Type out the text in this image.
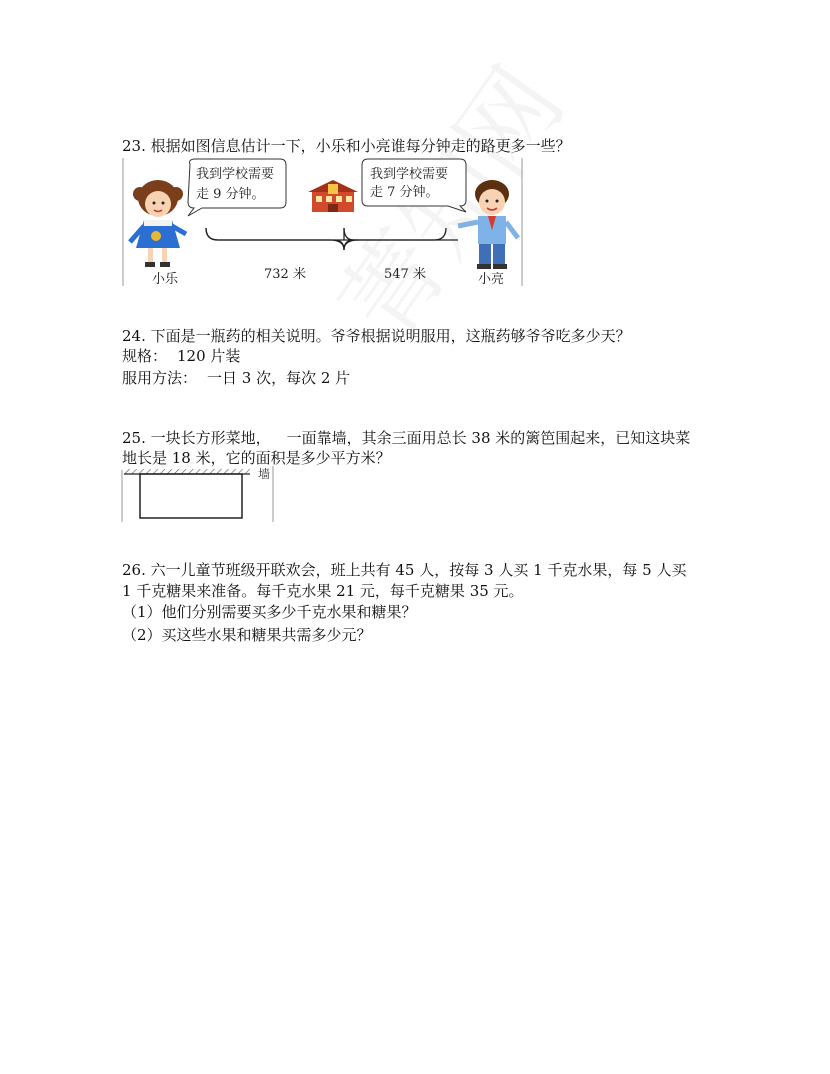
23. 根据如图信息估计一下，小乐和小亮谁每分钟走的路更多一些？
小乐
我到学校需要
走 9 分钟。
我到学校需要
走 7 分钟。
小亮
732 米	547 米
24. 下面是一瓶药的相关说明。爷爷根据说明服用，这瓶药够爷爷吃多少天？
规格： 120 片装
服用方法： 一日 3 次，每次 2 片
25. 一块长方形菜地， 一面靠墙，其余三面用总长 38 米的篱笆围起来，已知这块菜
地长是 18 米，它的面积是多少平方米？
墙
26. 六一儿童节班级开联欢会，班上共有 45 人，按每 3 人买 1 千克水果，每 5 人买
1 千克糖果来准备。每千克水果 21 元，每千克糖果 35 元。
（1）他们分别需要买多少千克水果和糖果？
（2）买这些水果和糖果共需多少元？
